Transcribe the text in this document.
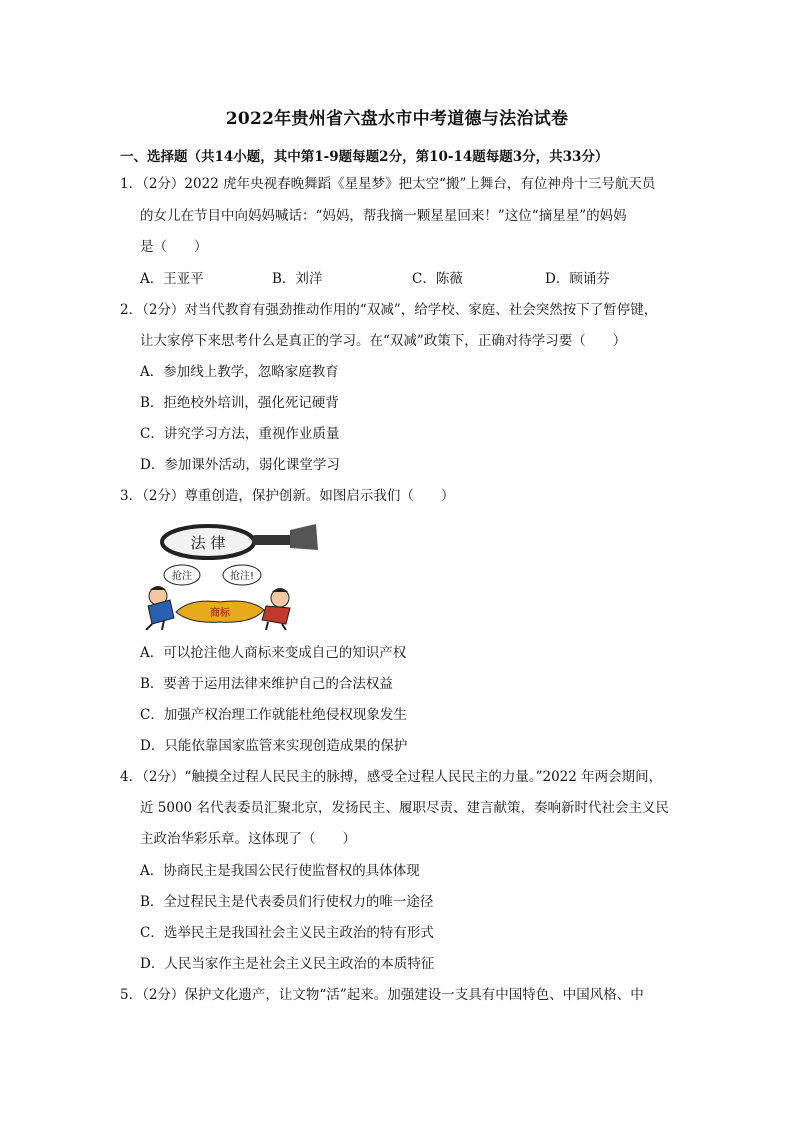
2022年贵州省六盘水市中考道德与法治试卷
一、选择题（共14小题，其中第1-9题每题2分，第10-14题每题3分，共33分）
1．（2分）2022 虎年央视春晚舞蹈《星星梦》把太空“搬”上舞台，有位神舟十三号航天员
的女儿在节目中向妈妈喊话：“妈妈，帮我摘一颗星星回来！”这位“摘星星”的妈妈
是（　　）
A．王亚平	B．刘洋	C．陈薇	D．顾诵芬
2．（2分）对当代教育有强劲推动作用的“双减”，给学校、家庭、社会突然按下了暂停键，
让大家停下来思考什么是真正的学习。在“双减”政策下，正确对待学习要（　　）
A．参加线上教学，忽略家庭教育
B．拒绝校外培训，强化死记硬背
C．讲究学习方法，重视作业质量
D．参加课外活动，弱化课堂学习
3．（2分）尊重创造，保护创新。如图启示我们（　　）
法 律
抢注	抢注!
商标
A．可以抢注他人商标来变成自己的知识产权
B．要善于运用法律来维护自己的合法权益
C．加强产权治理工作就能杜绝侵权现象发生
D．只能依靠国家监管来实现创造成果的保护
4．（2分）“触摸全过程人民民主的脉搏，感受全过程人民民主的力量。”2022 年两会期间，
近 5000 名代表委员汇聚北京，发扬民主、履职尽责、建言献策，奏响新时代社会主义民
主政治华彩乐章。这体现了（　　）
A．协商民主是我国公民行使监督权的具体体现
B．全过程民主是代表委员们行使权力的唯一途径
C．选举民主是我国社会主义民主政治的特有形式
D．人民当家作主是社会主义民主政治的本质特征
5．（2分）保护文化遗产，让文物“活”起来。加强建设一支具有中国特色、中国风格、中
